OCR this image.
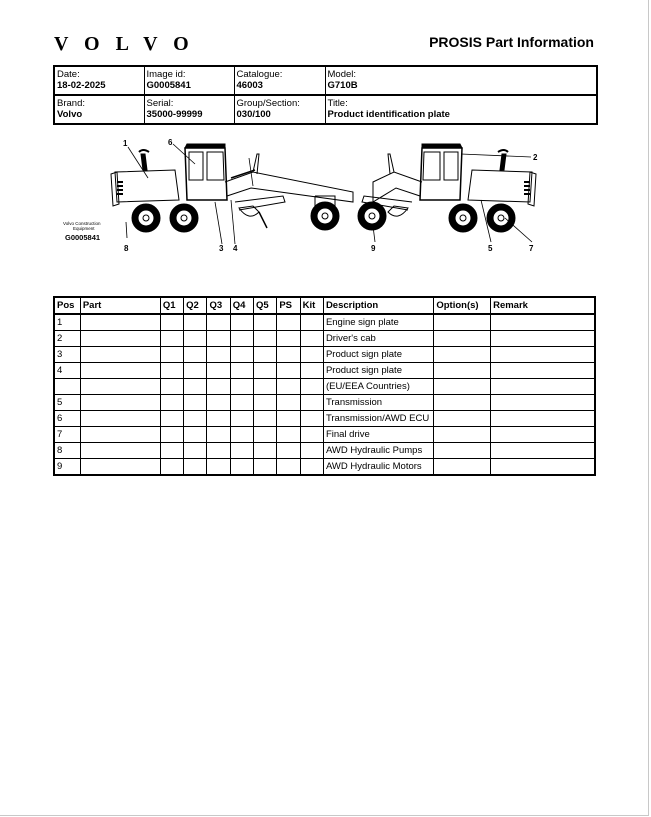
VOLVO	PROSIS Part Information
Date:
18-02-2025	Image id:
G0005841	Catalogue:
46003	Model:
G710B

Brand:
Volvo	Serial:
35000-99999	Group/Section:
030/100	Title:
Product identification plate
1	6
8	3 4	9
2
5	7
Volvo Construction
Equipment
G0005841
Pos	Part	Q1	Q2	Q3	Q4	Q5	PS	Kit	Description	Option(s)	Remark
1									Engine sign plate		
2									Driver's cab		
3									Product sign plate		
4									Product sign plate		
									(EU/EEA Countries)		
5									Transmission		
6									Transmission/AWD ECU		
7									Final drive		
8									AWD Hydraulic Pumps		
9									AWD Hydraulic Motors		
